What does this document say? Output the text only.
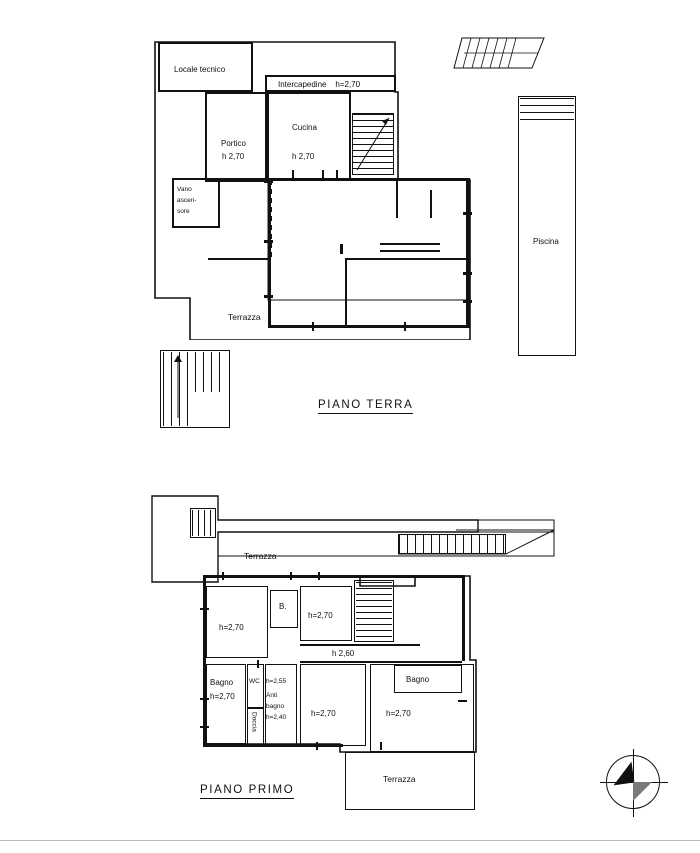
Locale tecnico
Intercapedine    h=2,70
Portico
h 2,70
Cucina
h 2,70
Vano
ascen-
sore
Terrazza
Piscina
PIANO TERRA
Terrazza
h=2,70
B.
h=2,70
h 2,60
Bagno
h=2,70
WC
Doccia
h=2,55
Anti
bagno
h=2,40	h=2,70
Bagno
h=2,70
Terrazza
PIANO PRIMO
